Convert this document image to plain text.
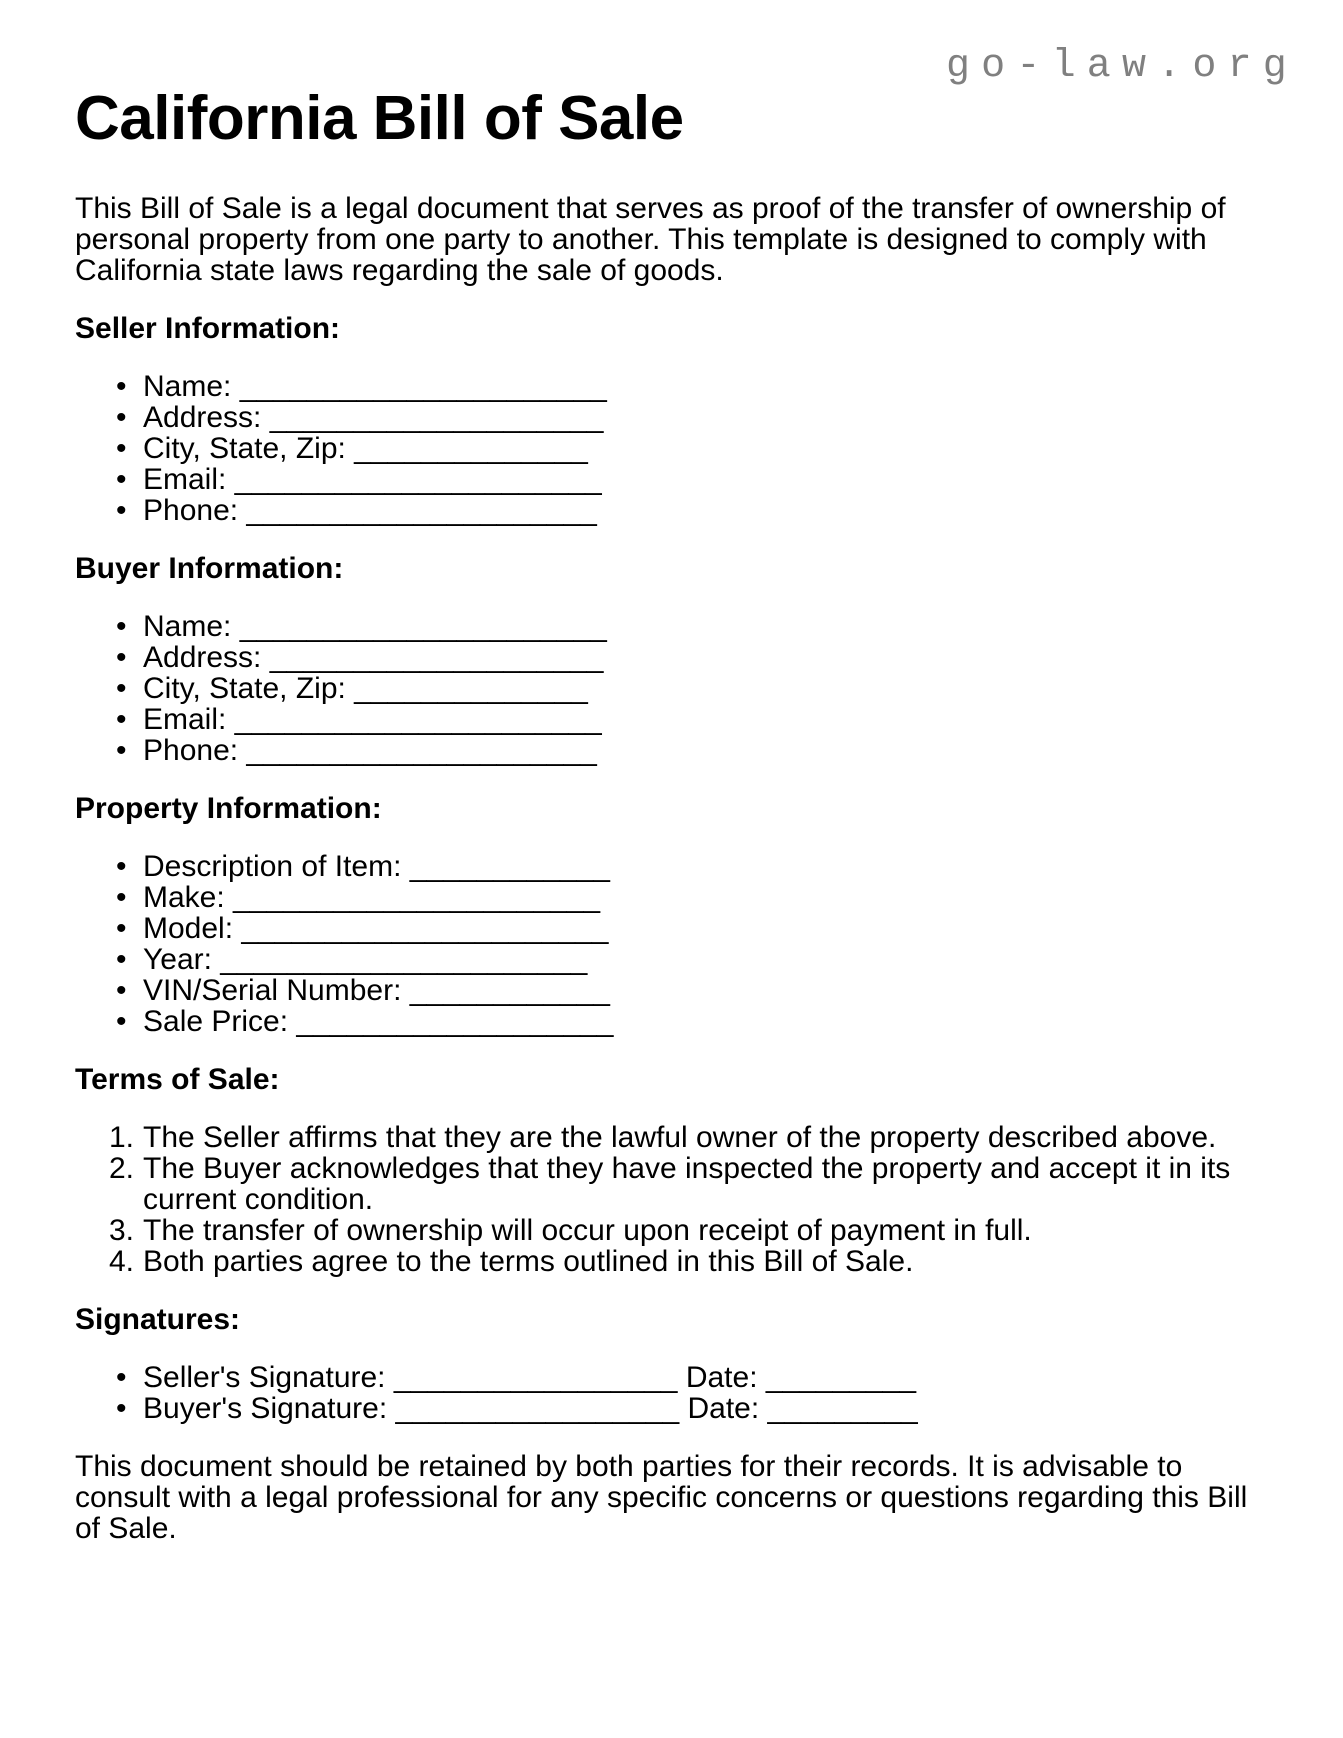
go-law.org
California Bill of Sale

This Bill of Sale is a legal document that serves as proof of the transfer of ownership of
personal property from one party to another. This template is designed to comply with
California state laws regarding the sale of goods.

Seller Information:
• Name: ______________________
• Address: ____________________
• City, State, Zip: ______________
• Email: ______________________
• Phone: _____________________
Buyer Information:
• Name: ______________________
• Address: ____________________
• City, State, Zip: ______________
• Email: ______________________
• Phone: _____________________
Property Information:
• Description of Item: ____________
• Make: ______________________
• Model: ______________________
• Year: ______________________
• VIN/Serial Number: ____________
• Sale Price: ___________________
Terms of Sale:
1. The Seller affirms that they are the lawful owner of the property described above.
2. The Buyer acknowledges that they have inspected the property and accept it in its
current condition.
3. The transfer of ownership will occur upon receipt of payment in full.
4. Both parties agree to the terms outlined in this Bill of Sale.
Signatures:
• Seller's Signature: _________________ Date: _________
• Buyer's Signature: _________________ Date: _________

This document should be retained by both parties for their records. It is advisable to
consult with a legal professional for any specific concerns or questions regarding this Bill
of Sale.
